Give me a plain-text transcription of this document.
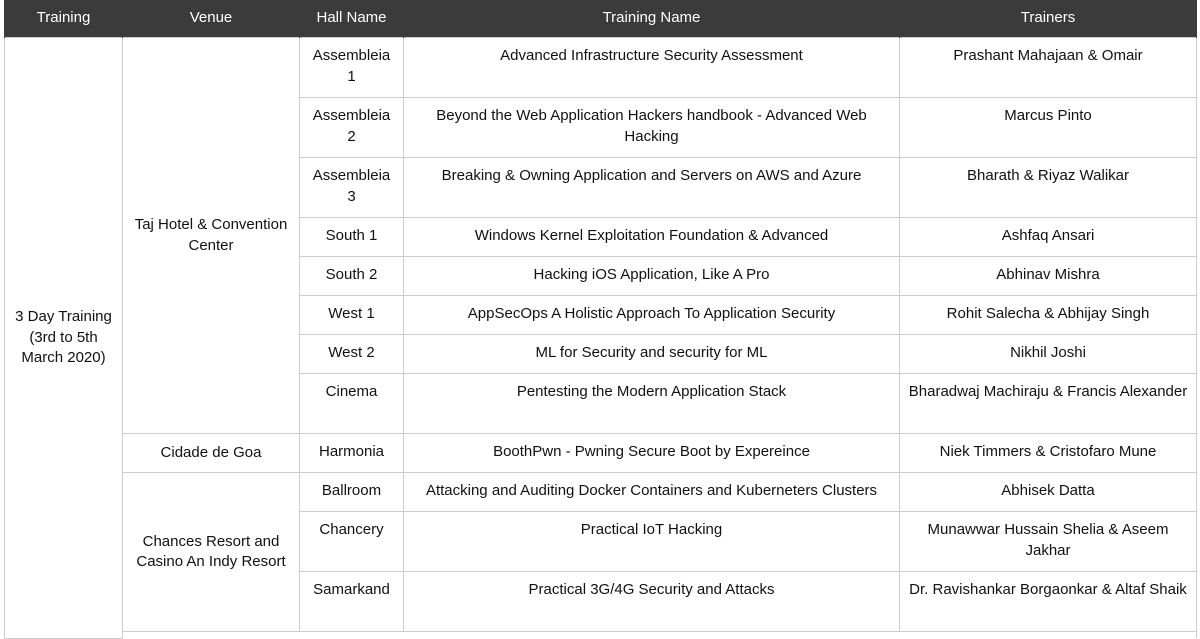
Training	Venue	Hall Name	Training Name	Trainers
3 Day Training (3rd to 5th March 2020)	Taj Hotel & Convention Center	Assembleia 1	Advanced Infrastructure Security Assessment	Prashant Mahajaan & Omair
		Assembleia 2	Beyond the Web Application Hackers handbook - Advanced Web Hacking	Marcus Pinto
		Assembleia 3	Breaking & Owning Application and Servers on AWS and Azure	Bharath & Riyaz Walikar
		South 1	Windows Kernel Exploitation Foundation & Advanced	Ashfaq Ansari
		South 2	Hacking iOS Application, Like A Pro	Abhinav Mishra
		West 1	AppSecOps A Holistic Approach To Application Security	Rohit Salecha & Abhijay Singh
		West 2	ML for Security and security for ML	Nikhil Joshi
		Cinema	Pentesting the Modern Application Stack	Bharadwaj Machiraju & Francis Alexander
	Cidade de Goa	Harmonia	BoothPwn - Pwning Secure Boot by Expereince	Niek Timmers & Cristofaro Mune
	Chances Resort and Casino An Indy Resort	Ballroom	Attacking and Auditing Docker Containers and Kuberneters Clusters	Abhisek Datta
		Chancery	Practical IoT Hacking	Munawwar Hussain Shelia & Aseem Jakhar
		Samarkand	Practical 3G/4G Security and Attacks	Dr. Ravishankar Borgaonkar & Altaf Shaik
